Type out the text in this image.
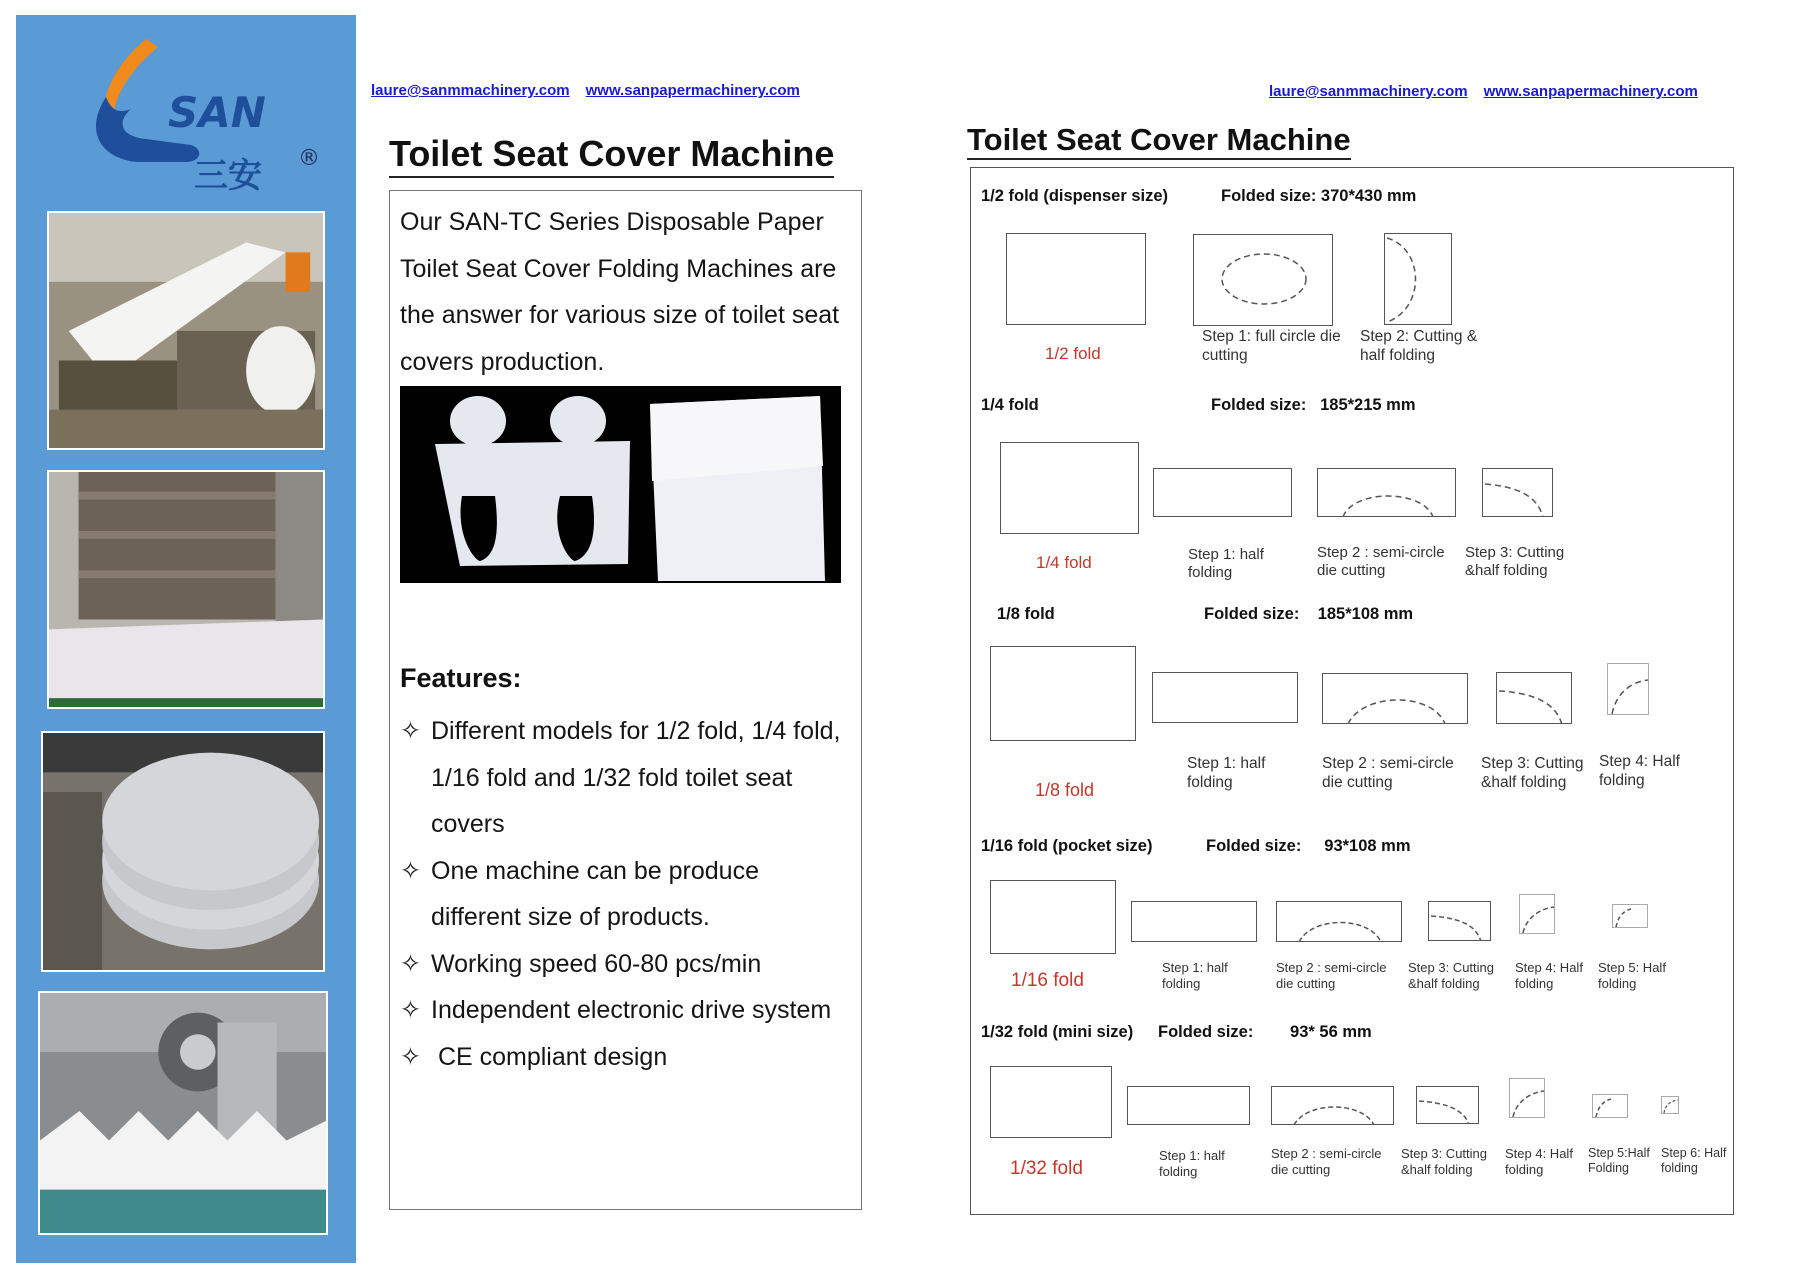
SAN
三安 ®
laure@sanmmachinery.com www.sanpapermachinery.com	laure@sanmmachinery.com www.sanpapermachinery.com
Toilet Seat Cover Machine

Our SAN-TC Series Disposable Paper Toilet Seat Cover Folding Machines are the answer for various size of toilet seat covers production.

Features:
✧ Different models for 1/2 fold, 1/4 fold, 1/16 fold and 1/32 fold toilet seat covers
✧ One machine can be produce different size of products.
✧ Working speed 60-80 pcs/min
✧ Independent electronic drive system
✧ CE compliant design
Toilet Seat Cover Machine
1/2 fold (dispenser size)	Folded size: 370*430 mm
1/2 fold
Step 1: full circle die cutting
Step 2: Cutting & half folding
1/4 fold	Folded size: 185*215 mm
1/4 fold	Step 1: half folding
Step 2 : semi-circle die cutting
Step 3: Cutting &half folding
1/8 fold	Folded size: 185*108 mm
1/8 fold
Step 1: half folding
Step 2 : semi-circle die cutting
Step 3: Cutting &half folding
Step 4: Half folding
1/16 fold (pocket size)	Folded size: 93*108 mm
1/16 fold
Step 1: half folding
Step 2 : semi-circle die cutting
Step 3: Cutting &half folding
Step 4: Half folding
Step 5: Half folding
1/32 fold (mini size) Folded size: 93* 56 mm
1/32 fold
Step 1: half folding
Step 2 : semi-circle die cutting
Step 3: Cutting &half folding
Step 4: Half folding
Step 5:Half Folding
Step 6: Half folding
